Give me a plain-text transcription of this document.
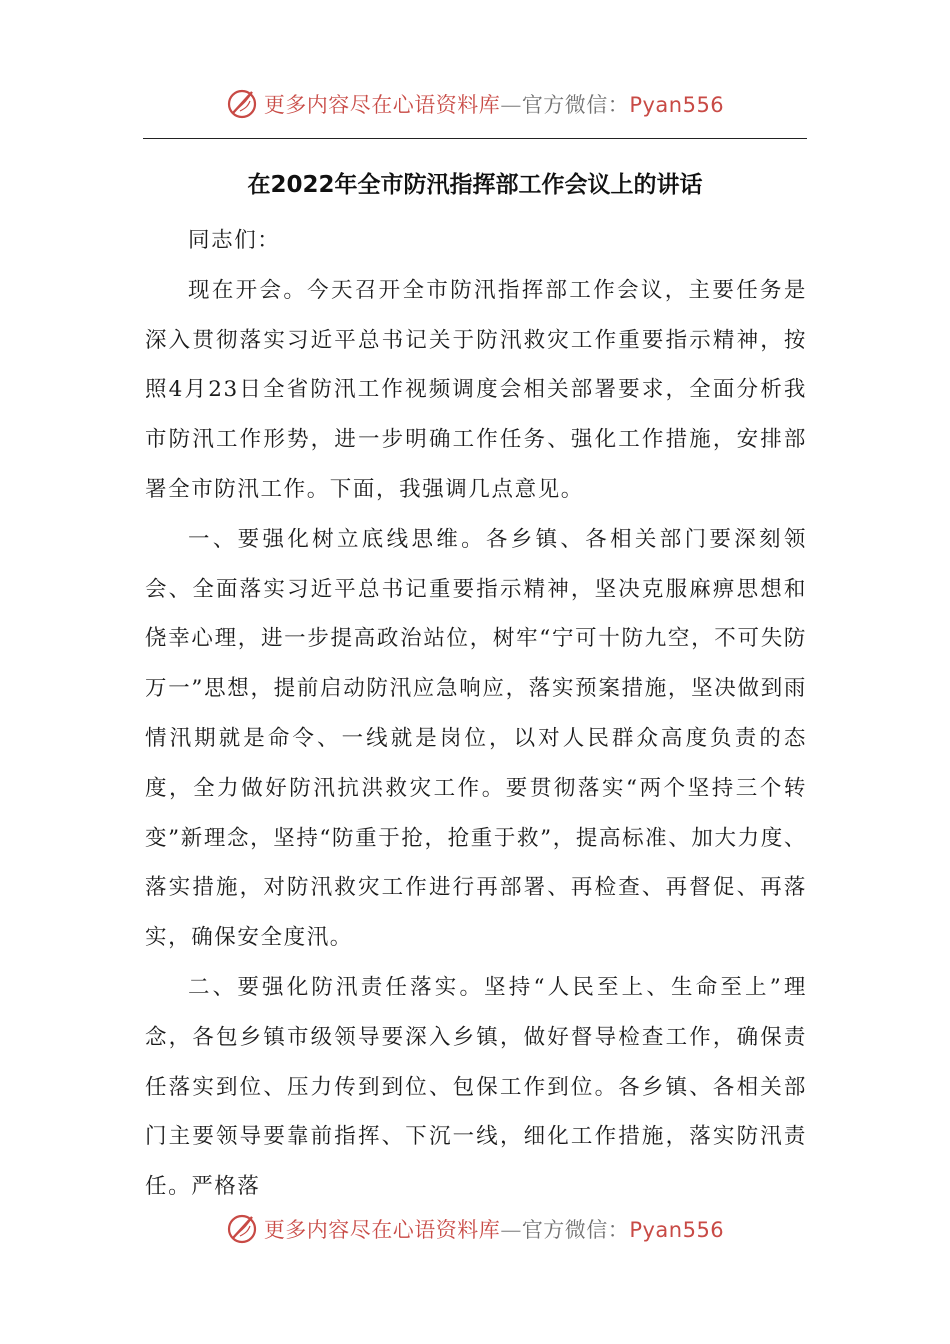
更多内容尽在心语资料库—官方微信：Pyan556
在2022年全市防汛指挥部工作会议上的讲话

同志们：

现在开会。今天召开全市防汛指挥部工作会议，主要任务是深入贯彻落实习近平总书记关于防汛救灾工作重要指示精神，按照4月23日全省防汛工作视频调度会相关部署要求，全面分析我市防汛工作形势，进一步明确工作任务、强化工作措施，安排部署全市防汛工作。下面，我强调几点意见。

一、要强化树立底线思维。各乡镇、各相关部门要深刻领会、全面落实习近平总书记重要指示精神，坚决克服麻痹思想和侥幸心理，进一步提高政治站位，树牢“宁可十防九空，不可失防万一”思想，提前启动防汛应急响应，落实预案措施，坚决做到雨情汛期就是命令、一线就是岗位，以对人民群众高度负责的态度，全力做好防汛抗洪救灾工作。要贯彻落实“两个坚持三个转变”新理念，坚持“防重于抢，抢重于救”，提高标准、加大力度、落实措施，对防汛救灾工作进行再部署、再检查、再督促、再落实，确保安全度汛。

二、要强化防汛责任落实。坚持“人民至上、生命至上”理念，各包乡镇市级领导要深入乡镇，做好督导检查工作，确保责任落实到位、压力传到到位、包保工作到位。各乡镇、各相关部门主要领导要靠前指挥、下沉一线，细化工作措施，落实防汛责任。严格落

更多内容尽在心语资料库—官方微信：Pyan556
